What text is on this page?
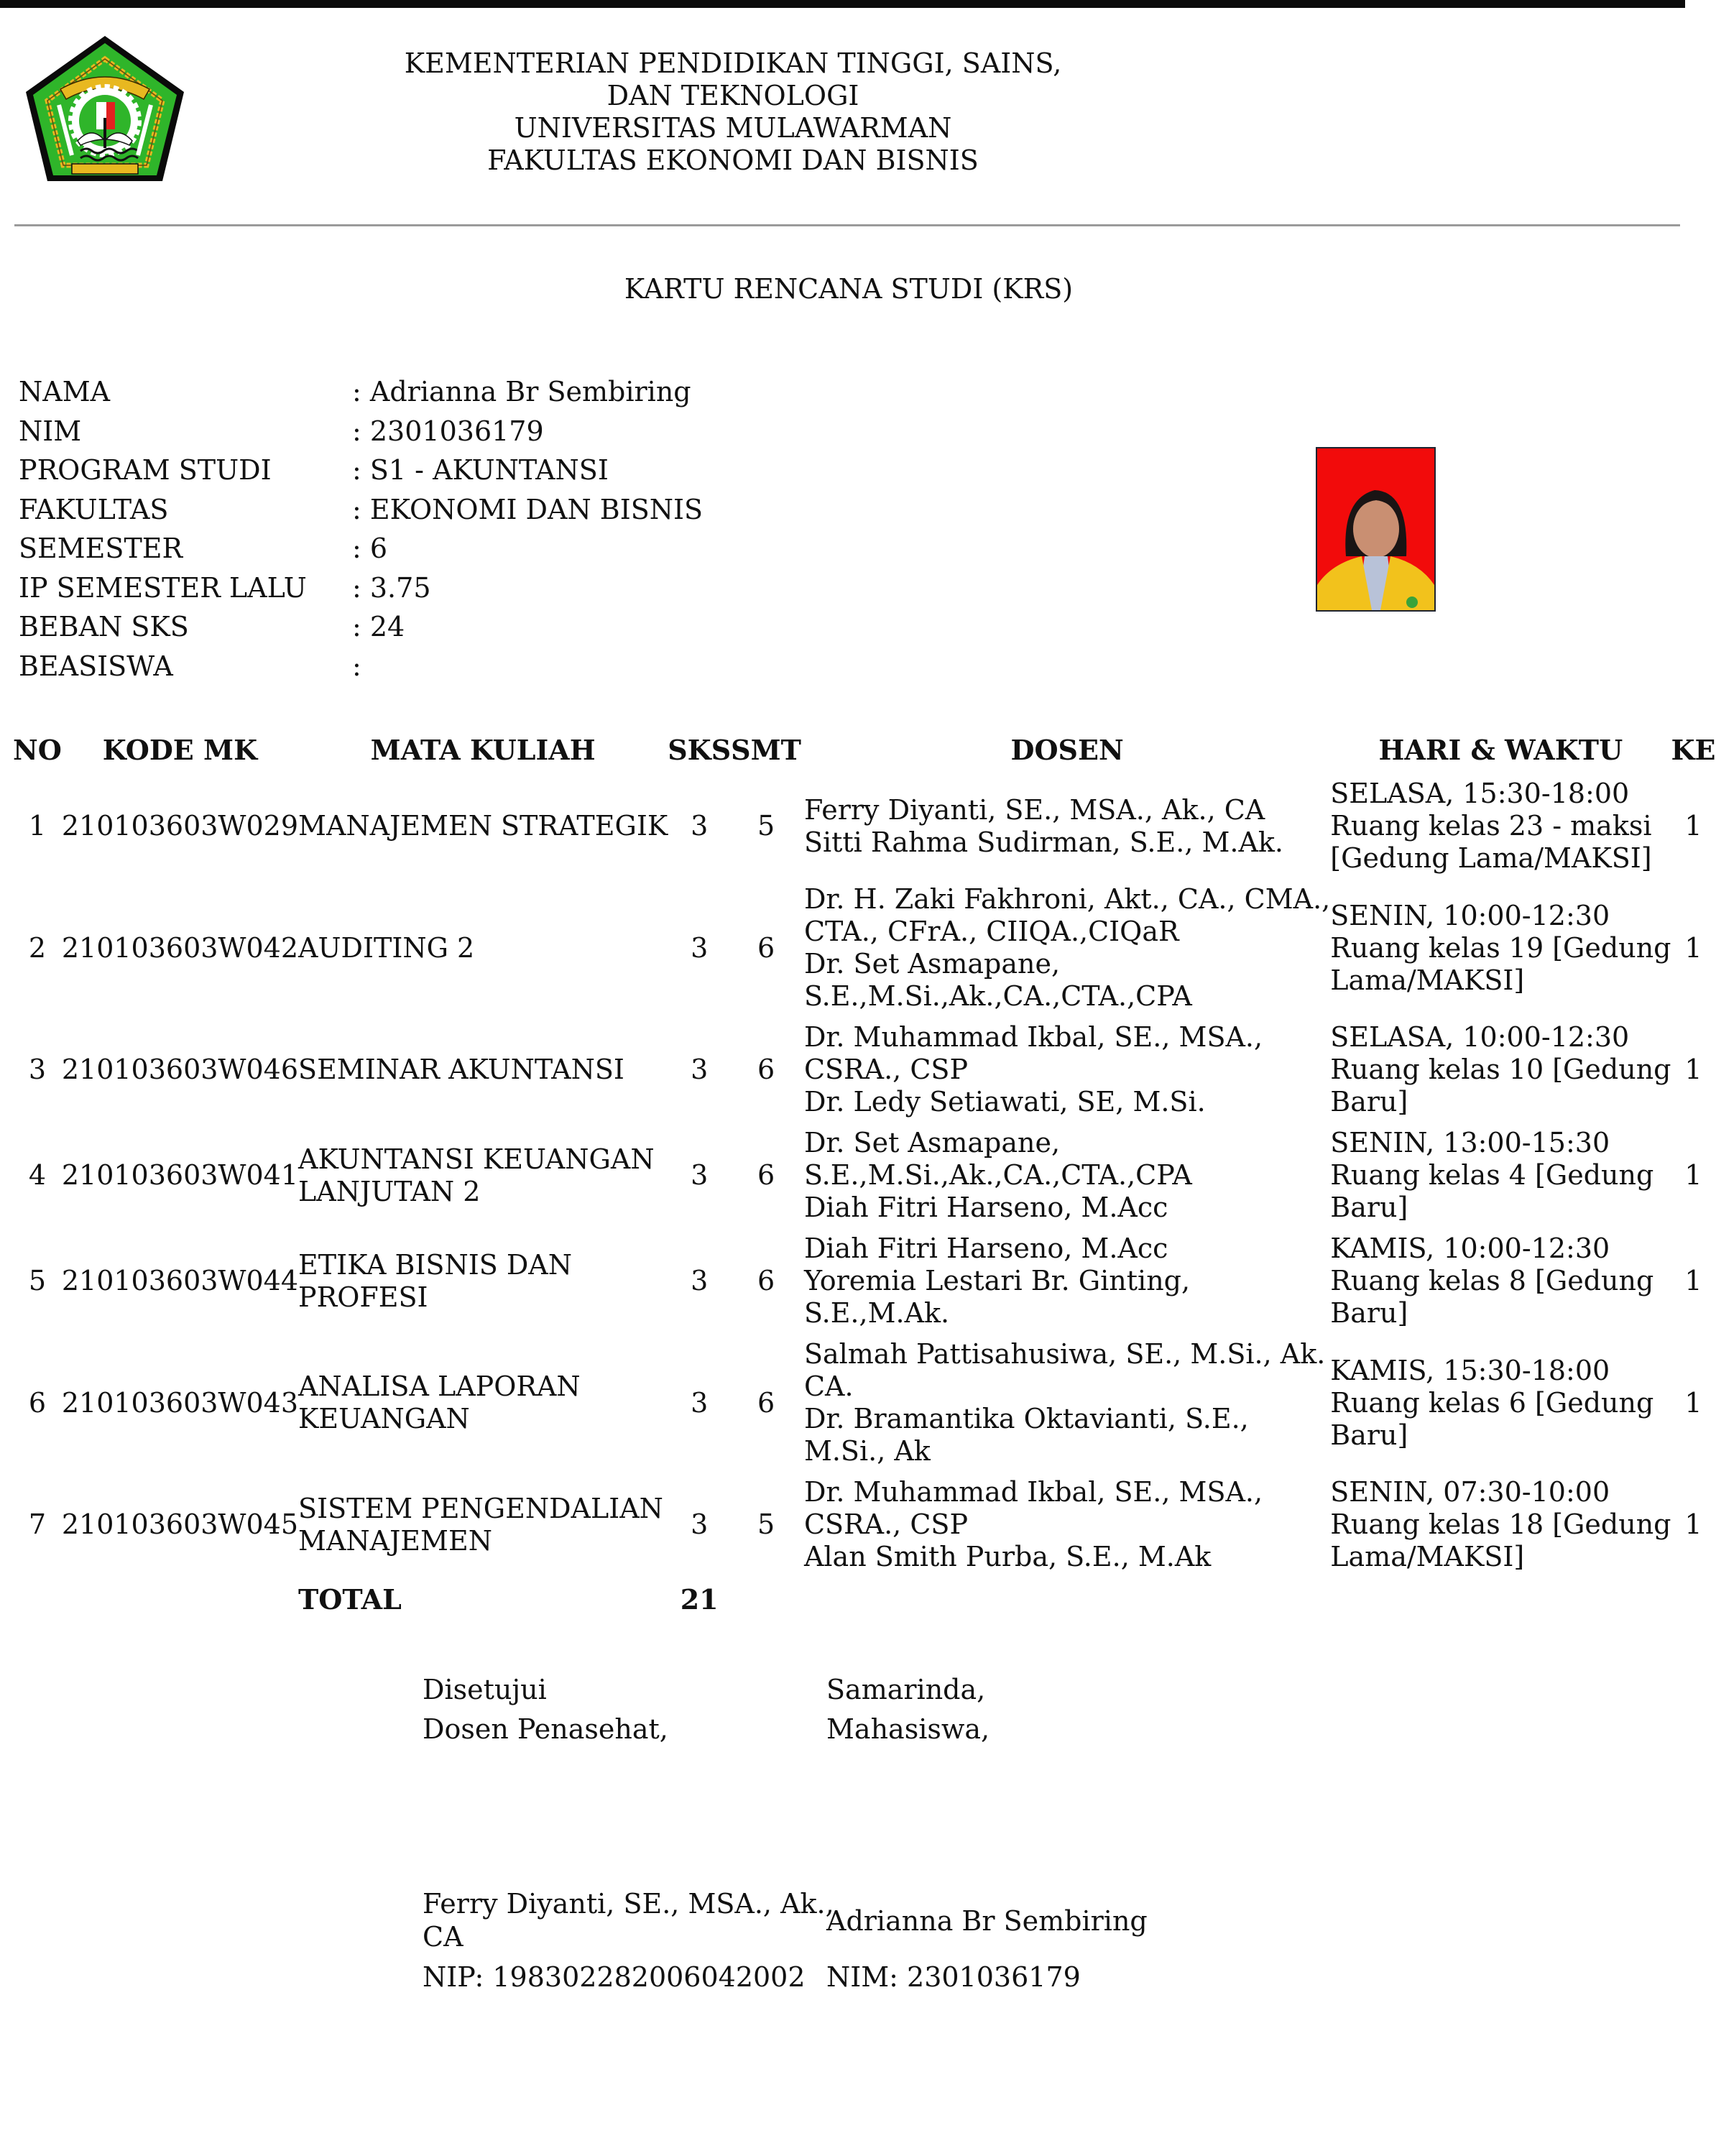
KEMENTERIAN PENDIDIKAN TINGGI, SAINS,
DAN TEKNOLOGI
UNIVERSITAS MULAWARMAN
FAKULTAS EKONOMI DAN BISNIS
KARTU RENCANA STUDI (KRS)
NAMA	: Adrianna Br Sembiring
NIM	: 2301036179
PROGRAM STUDI	: S1 - AKUNTANSI
FAKULTAS	: EKONOMI DAN BISNIS
SEMESTER	: 6
IP SEMESTER LALU : 3.75
BEBAN SKS	: 24
BEASISWA	:
NO	KODE MK	MATA KULIAH	SKS	SMT	DOSEN	HARI & WAKTU	KE
1	210103603W029	MANAJEMEN STRATEGIK	3	5	Ferry Diyanti, SE., MSA., Ak., CA
Sitti Rahma Sudirman, S.E., M.Ak.	SELASA, 15:30-18:00
Ruang kelas 23 - maksi
[Gedung Lama/MAKSI]	1
2	210103603W042	AUDITING 2	3	6	Dr. H. Zaki Fakhroni, Akt., CA., CMA.,
CTA., CFrA., CIIQA.,CIQaR
Dr. Set Asmapane,
S.E.,M.Si.,Ak.,CA.,CTA.,CPA	SENIN, 10:00-12:30
Ruang kelas 19 [Gedung
Lama/MAKSI]	1
3	210103603W046	SEMINAR AKUNTANSI	3	6	Dr. Muhammad Ikbal, SE., MSA.,
CSRA., CSP
Dr. Ledy Setiawati, SE, M.Si.	SELASA, 10:00-12:30
Ruang kelas 10 [Gedung
Baru]	1
4	210103603W041	AKUNTANSI KEUANGAN
LANJUTAN 2	3	6	Dr. Set Asmapane,
S.E.,M.Si.,Ak.,CA.,CTA.,CPA
Diah Fitri Harseno, M.Acc	SENIN, 13:00-15:30
Ruang kelas 4 [Gedung
Baru]	1
5	210103603W044	ETIKA BISNIS DAN
PROFESI	3	6	Diah Fitri Harseno, M.Acc
Yoremia Lestari Br. Ginting,
S.E.,M.Ak.	KAMIS, 10:00-12:30
Ruang kelas 8 [Gedung
Baru]	1
6	210103603W043	ANALISA LAPORAN
KEUANGAN	3	6	Salmah Pattisahusiwa, SE., M.Si., Ak.
CA.
Dr. Bramantika Oktavianti, S.E.,
M.Si., Ak	KAMIS, 15:30-18:00
Ruang kelas 6 [Gedung
Baru]	1
7	210103603W045	SISTEM PENGENDALIAN
MANAJEMEN	3	5	Dr. Muhammad Ikbal, SE., MSA.,
CSRA., CSP
Alan Smith Purba, S.E., M.Ak	SENIN, 07:30-10:00
Ruang kelas 18 [Gedung
Lama/MAKSI]	1
		TOTAL	21				
Disetujui
Dosen Penasehat,
Samarinda,
Mahasiswa,
Ferry Diyanti, SE., MSA., Ak.,
CA	Adrianna Br Sembiring
NIP: 198302282006042002 NIM: 2301036179
